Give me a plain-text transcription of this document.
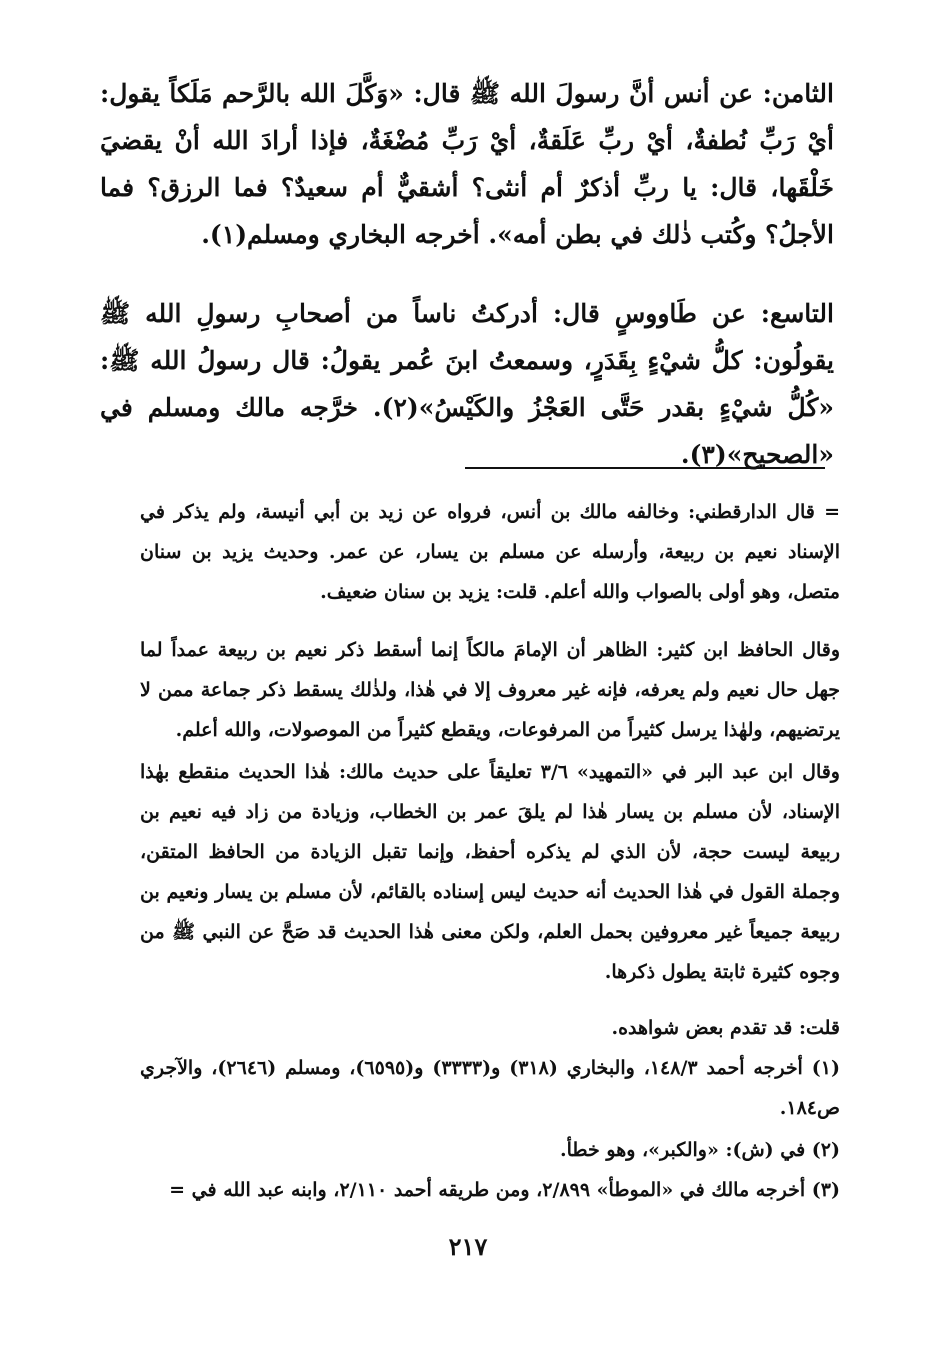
الثامن: عن أنس أنَّ رسولَ الله ﷺ قال: «وَكَّلَ الله بالرَّحم مَلَكاً يقول: أيْ رَبِّ نُطفةٌ، أيْ ربِّ عَلَقةٌ، أيْ رَبِّ مُضْغَةٌ، فإذا أرادَ الله أنْ يقضيَ خَلْقَها، قال: يا ربِّ أذكرٌ أم أنثى؟ أشقيٌّ أم سعيدٌ؟ فما الرزق؟ فما الأجلُ؟ وكُتب ذٰلك في بطن أمه». أخرجه البخاري ومسلم(١).

التاسع: عن طَاووسٍ قال: أدركتُ ناساً من أصحابِ رسولِ الله ﷺ يقولُون: كلُّ شيْءٍ بِقَدَرٍ، وسمعتُ ابنَ عُمر يقولُ: قال رسولُ الله ﷺ: «كُلُّ شيْءٍ بقدر حَتَّى العَجْزُ والكَيْسُ»(٢). خرَّجه مالك ومسلم في «الصحيح»(٣).

= قال الدارقطني: وخالفه مالك بن أنس، فرواه عن زيد بن أبي أنيسة، ولم يذكر في الإسناد نعيم بن ربيعة، وأرسله عن مسلم بن يسار، عن عمر. وحديث يزيد بن سنان متصل، وهو أولى بالصواب والله أعلم. قلت: يزيد بن سنان ضعيف.

وقال الحافظ ابن كثير: الظاهر أن الإمامَ مالكاً إنما أسقط ذكر نعيم بن ربيعة عمداً لما جهل حال نعيم ولم يعرفه، فإنه غير معروف إلا في هٰذا، ولذٰلك يسقط ذكر جماعة ممن لا يرتضيهم، ولهٰذا يرسل كثيراً من المرفوعات، ويقطع كثيراً من الموصولات، والله أعلم.

وقال ابن عبد البر في «التمهيد» ٣/٦ تعليقاً على حديث مالك: هٰذا الحديث منقطع بهٰذا الإسناد، لأن مسلم بن يسار هٰذا لم يلقَ عمر بن الخطاب، وزيادة من زاد فيه نعيم بن ربيعة ليست حجة، لأن الذي لم يذكره أحفظ، وإنما تقبل الزيادة من الحافظ المتقن، وجملة القول في هٰذا الحديث أنه حديث ليس إسناده بالقائم، لأن مسلم بن يسار ونعيم بن ربيعة جميعاً غير معروفين بحمل العلم، ولكن معنى هٰذا الحديث قد صَحَّ عن النبي ﷺ من وجوه كثيرة ثابتة يطول ذكرها.

قلت: قد تقدم بعض شواهده.

(١) أخرجه أحمد ١٤٨/٣، والبخاري (٣١٨) و(٣٣٣٣) و(٦٥٩٥)، ومسلم (٢٦٤٦)، والآجري ص١٨٤.

(٢) في (ش): «والكبر»، وهو خطأ.

(٣) أخرجه مالك في «الموطأ» ٢/٨٩٩، ومن طريقه أحمد ٢/١١٠، وابنه عبد الله في =

٢١٧
